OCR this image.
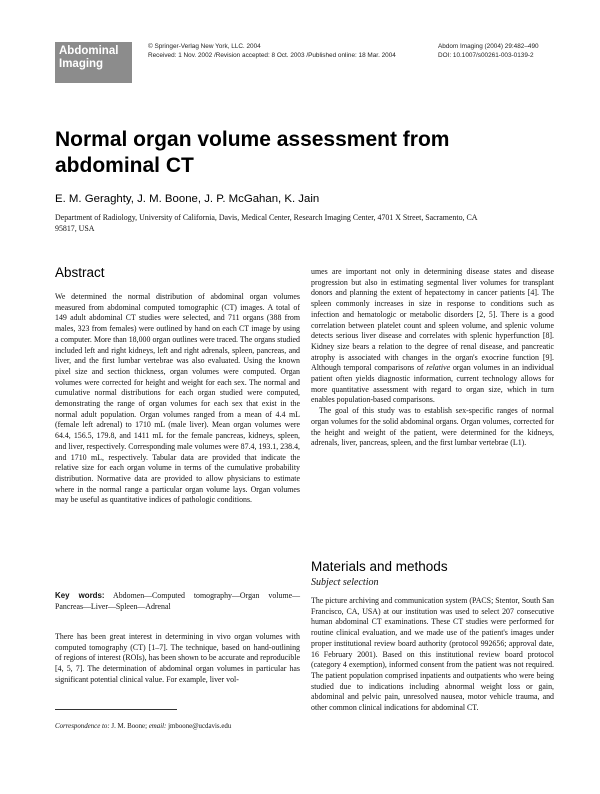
Abdominal
Imaging
© Springer-Verlag New York, LLC. 2004
Received: 1 Nov. 2002 /Revision accepted: 8 Oct. 2003 /Published online: 18 Mar. 2004
Abdom Imaging (2004) 29:482–490
DOI: 10.1007/s00261-003-0139-2
Normal organ volume assessment from
abdominal CT
E. M. Geraghty, J. M. Boone, J. P. McGahan, K. Jain
Department of Radiology, University of California, Davis, Medical Center, Research Imaging Center, 4701 X Street, Sacramento, CA
95817, USA
Abstract

We determined the normal distribution of abdominal organ volumes measured from abdominal computed tomographic (CT) images. A total of 149 adult abdominal CT studies were selected, and 711 organs (388 from males, 323 from females) were outlined by hand on each CT image by using a computer. More than 18,000 organ outlines were traced. The organs studied included left and right kidneys, left and right adrenals, spleen, pancreas, and liver, and the first lumbar vertebrae was also evaluated. Using the known pixel size and section thickness, organ volumes were computed. Organ volumes were corrected for height and weight for each sex. The normal and cumulative normal distributions for each organ studied were computed, demonstrating the range of organ volumes for each sex that exist in the normal adult population. Organ volumes ranged from a mean of 4.4 mL (female left adrenal) to 1710 mL (male liver). Mean organ volumes were 64.4, 156.5, 179.8, and 1411 mL for the female pancreas, kidneys, spleen, and liver, respectively. Corresponding male volumes were 87.4, 193.1, 238.4, and 1710 mL, respectively. Tabular data are provided that indicate the relative size for each organ volume in terms of the cumulative probability distribution. Normative data are provided to allow physicians to estimate where in the normal range a particular organ volume lays. Organ volumes may be useful as quantitative indices of pathologic conditions.

Key words: Abdomen—Computed tomography—Organ volume—Pancreas—Liver—Spleen—Adrenal

There has been great interest in determining in vivo organ volumes with computed tomography (CT) [1–7]. The technique, based on hand-outlining of regions of interest (ROIs), has been shown to be accurate and reproducible [4, 5, 7]. The determination of abdominal organ volumes in particular has significant potential clinical value. For example, liver vol-

Correspondence to: J. M. Boone; email: jmboone@ucdavis.edu

umes are important not only in determining disease states and disease progression but also in estimating segmental liver volumes for transplant donors and planning the extent of hepatectomy in cancer patients [4]. The spleen commonly increases in size in response to conditions such as infection and hematologic or metabolic disorders [2, 5]. There is a good correlation between platelet count and spleen volume, and splenic volume detects serious liver disease and correlates with splenic hyperfunction [8]. Kidney size bears a relation to the degree of renal disease, and pancreatic atrophy is associated with changes in the organ's exocrine function [9]. Although temporal comparisons of relative organ volumes in an individual patient often yields diagnostic information, current technology allows for more quantitative assessment with regard to organ size, which in turn enables population-based comparisons.

The goal of this study was to establish sex-specific ranges of normal organ volumes for the solid abdominal organs. Organ volumes, corrected for the height and weight of the patient, were determined for the kidneys, adrenals, liver, pancreas, spleen, and the first lumbar vertebrae (L1).

Materials and methods
Subject selection

The picture archiving and communication system (PACS; Stentor, South San Francisco, CA, USA) at our institution was used to select 207 consecutive human abdominal CT examinations. These CT studies were performed for routine clinical evaluation, and we made use of the patient's images under proper institutional review board authority (protocol 992656; approval date, 16 February 2001). Based on this institutional review board protocol (category 4 exemption), informed consent from the patient was not required. The patient population comprised inpatients and outpatients who were being studied due to indications including abnormal weight loss or gain, abdominal and pelvic pain, unresolved nausea, motor vehicle trauma, and other common clinical indications for abdominal CT.
